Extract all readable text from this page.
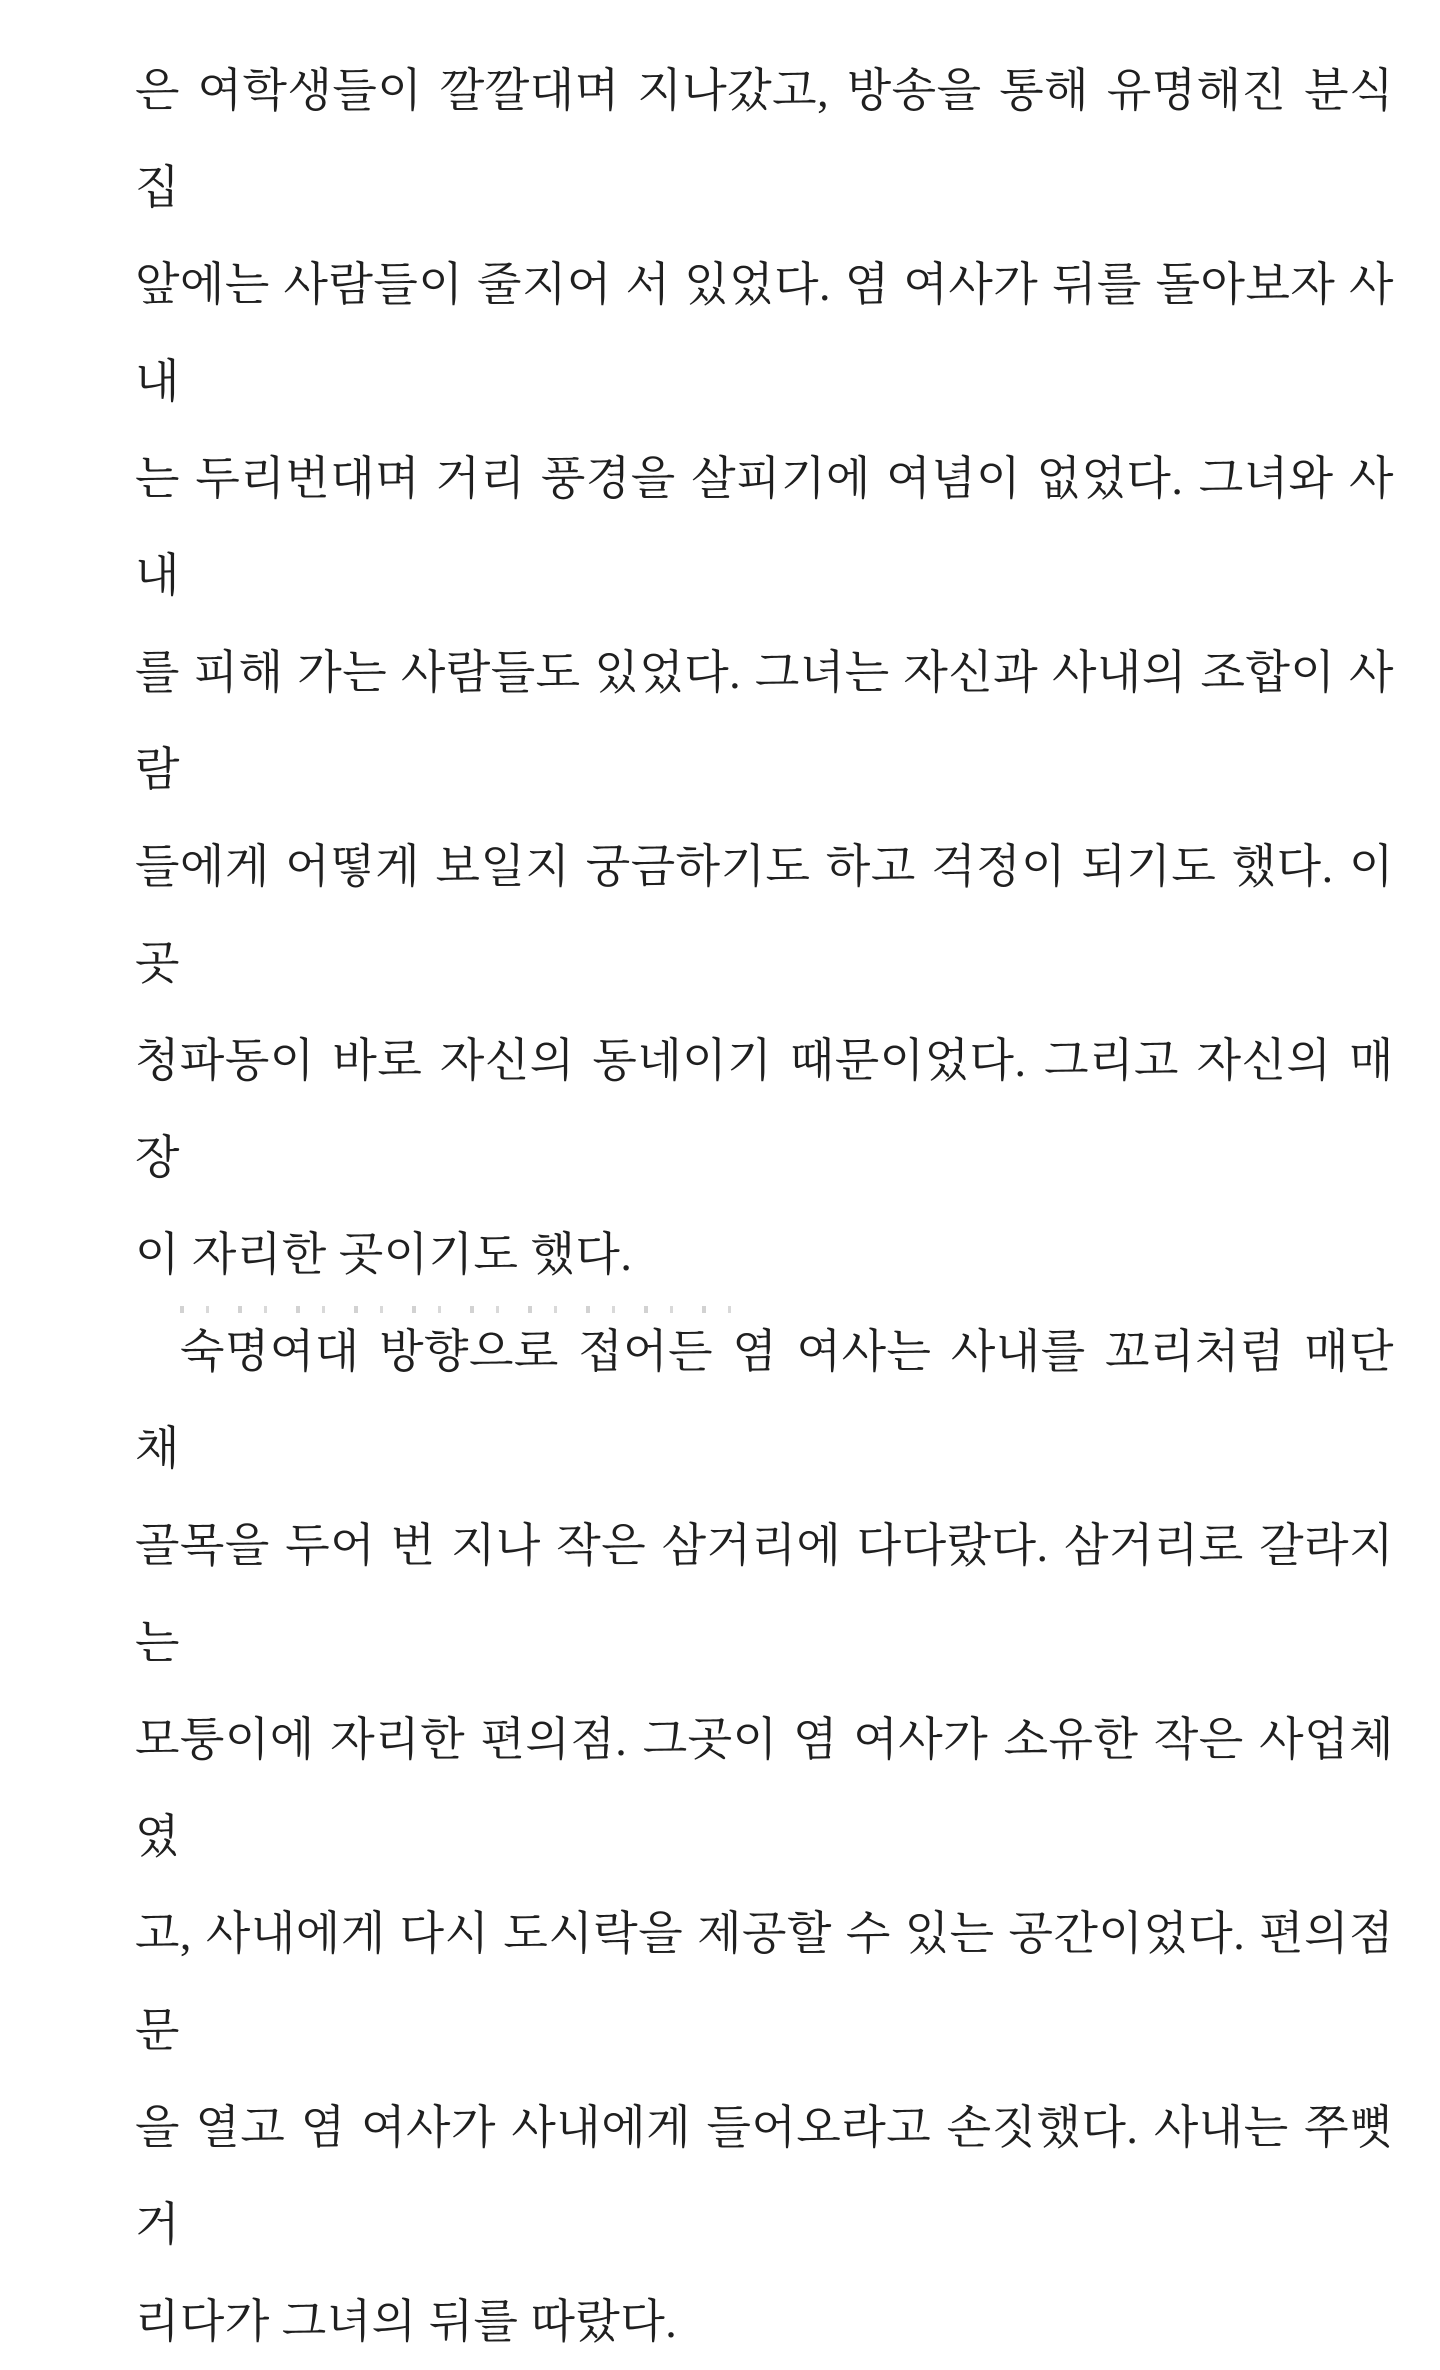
은 여학생들이 깔깔대며 지나갔고, 방송을 통해 유명해진 분식집
앞에는 사람들이 줄지어 서 있었다. 염 여사가 뒤를 돌아보자 사내
는 두리번대며 거리 풍경을 살피기에 여념이 없었다. 그녀와 사내
를 피해 가는 사람들도 있었다. 그녀는 자신과 사내의 조합이 사람
들에게 어떻게 보일지 궁금하기도 하고 걱정이 되기도 했다. 이곳
청파동이 바로 자신의 동네이기 때문이었다. 그리고 자신의 매장
이 자리한 곳이기도 했다.
숙명여대 방향으로 접어든 염 여사는 사내를 꼬리처럼 매단 채
골목을 두어 번 지나 작은 삼거리에 다다랐다. 삼거리로 갈라지는
모퉁이에 자리한 편의점. 그곳이 염 여사가 소유한 작은 사업체였
고, 사내에게 다시 도시락을 제공할 수 있는 공간이었다. 편의점 문
을 열고 염 여사가 사내에게 들어오라고 손짓했다. 사내는 쭈뼛거
리다가 그녀의 뒤를 따랐다.
